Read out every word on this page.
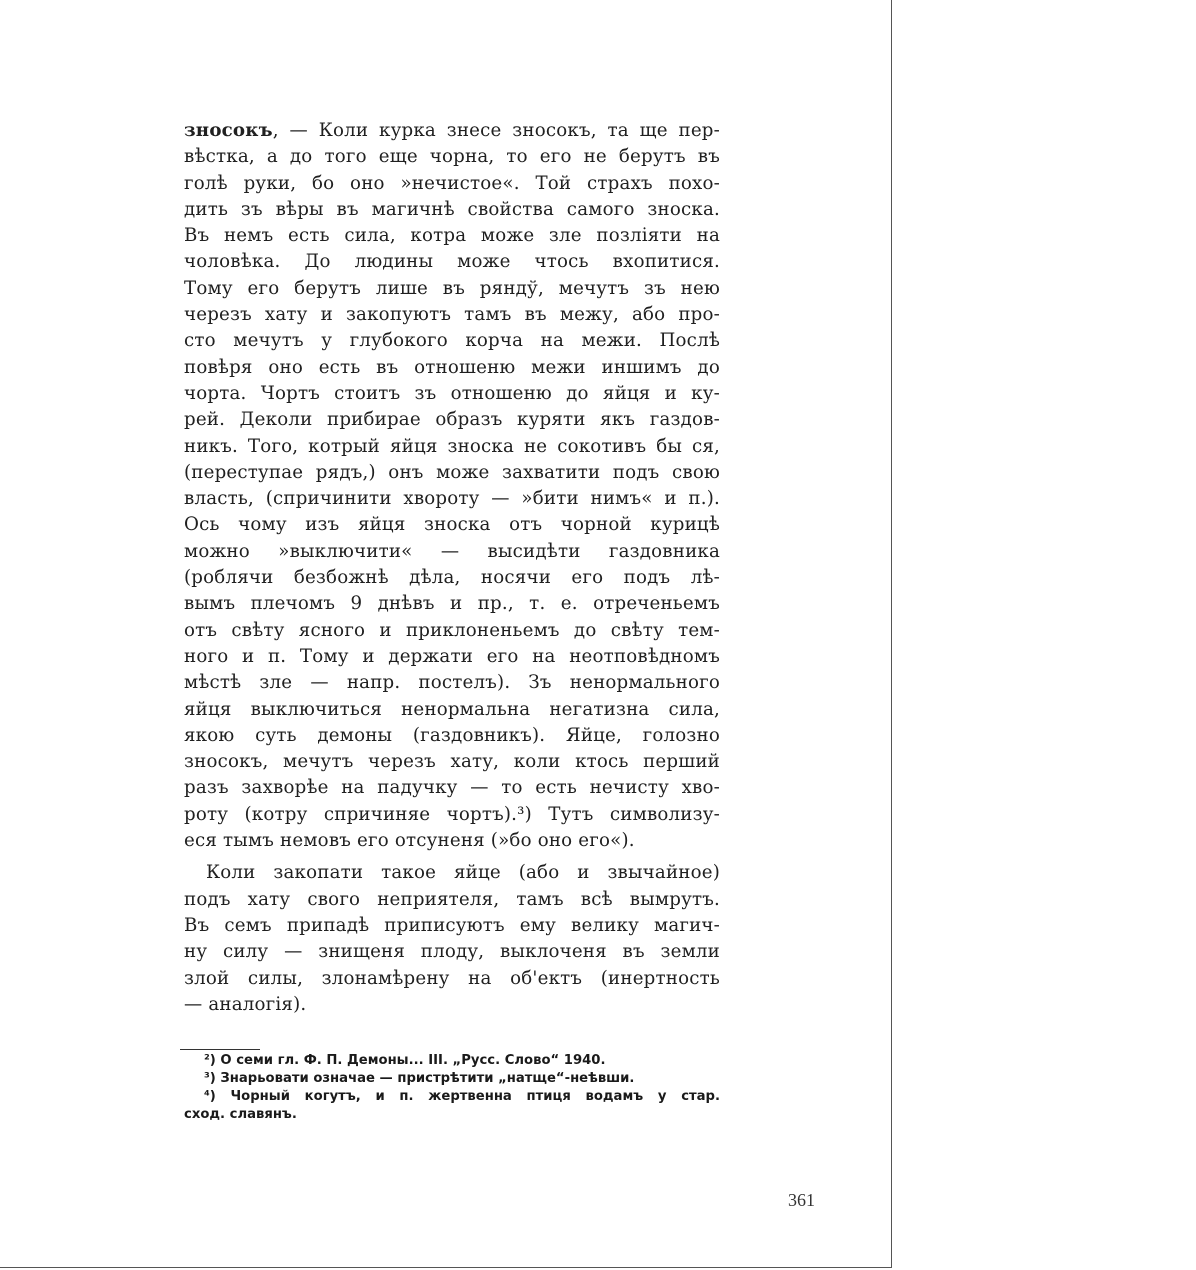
зносокъ, — Коли курка знесе зносокъ, та ще пер-
вѣстка, а до того еще чорна, то его не берутъ въ
голѣ руки, бо оно »нечистое«. Той страхъ похо-
дить зъ вѣры въ магичнѣ свойства самого зноска.
Въ немъ есть сила, котра може зле позлiяти на
чоловѣка. До людины може чтось вхопитися.
Тому его берутъ лише въ ряндў, мечутъ зъ нею
черезъ хату и закопуютъ тамъ въ межу, або про-
сто мечутъ у глубокого корча на межи. Послѣ
повѣря оно есть въ отношеню межи иншимъ до
чорта. Чортъ стоитъ зъ отношеню до яйця и ку-
рей. Деколи прибирае образъ куряти якъ газдов-
никъ. Того, котрый яйця зноска не сокотивъ бы ся,
(переступае рядъ,) онъ може захватити подъ свою
власть, (спричинити хвороту — »бити нимъ« и п.).
Ось чому изъ яйця зноска отъ чорной курицѣ
можно »выключити« — высидѣти газдовника
(роблячи безбожнѣ дѣла, носячи его подъ лѣ-
вымъ плечомъ 9 днѣвъ и пр., т. е. отреченьемъ
отъ свѣту ясного и приклоненьемъ до свѣту тем-
ного и п. Тому и держати его на неотповѣдномъ
мѣстѣ зле — напр. постелъ). Зъ ненормального
яйця выключиться ненормальна негатизна сила,
якою суть демоны (газдовникъ). Яйце, голозно
зносокъ, мечутъ черезъ хату, коли ктось перший
разъ захворѣе на падучку — то есть нечисту хво-
роту (котру спричиняе чортъ).³) Тутъ символизу-
еся тымъ немовъ его отсуненя (»бо оно его«).
Коли закопати такое яйце (або и звычайное)
подъ хату свого неприятеля, тамъ всѣ вымрутъ.
Въ семъ припадѣ приписуютъ ему велику магич-
ну силу — знищеня плоду, выклоченя въ земли
злой силы, злонамѣрену на об'ектъ (инертность
— аналогiя).
²) О семи гл. Ф. П. Демоны... III. „Русс. Слово“ 1940.
³) Знарьовати означае — пристрѣтити „натще“-неѣвши.
⁴) Чорный когутъ, и п. жертвенна птиця водамъ у стар.
сход. славянъ.
361
